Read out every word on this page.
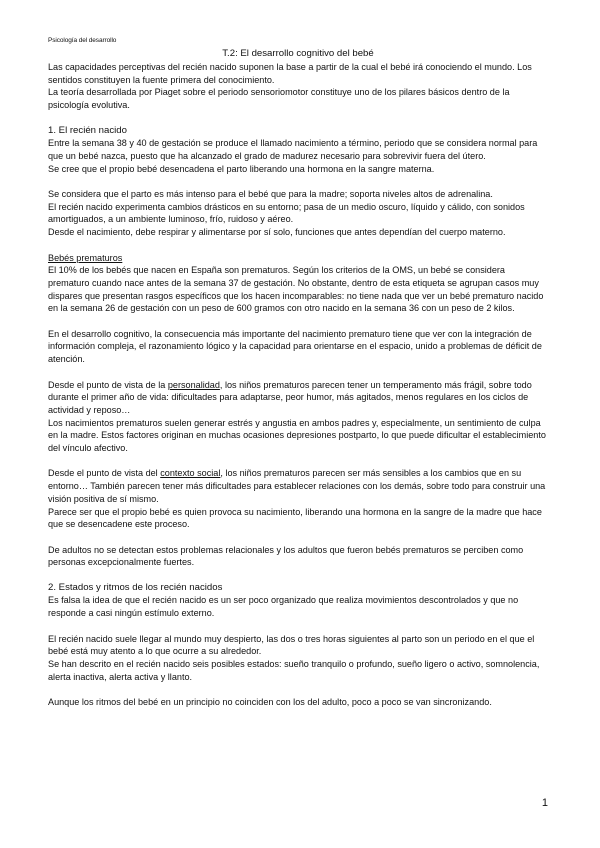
Psicología del desarrollo
T.2: El desarrollo cognitivo del bebé

Las capacidades perceptivas del recién nacido suponen la base a partir de la cual el bebé irá conociendo el mundo. Los sentidos constituyen la fuente primera del conocimiento.

La teoría desarrollada por Piaget sobre el periodo sensoriomotor constituye uno de los pilares básicos dentro de la psicología evolutiva.

1. El recién nacido

Entre la semana 38 y 40 de gestación se produce el llamado nacimiento a término, periodo que se considera normal para que un bebé nazca, puesto que ha alcanzado el grado de madurez necesario para sobrevivir fuera del útero.

Se cree que el propio bebé desencadena el parto liberando una hormona en la sangre materna.

Se considera que el parto es más intenso para el bebé que para la madre; soporta niveles altos de adrenalina.

El recién nacido experimenta cambios drásticos en su entorno; pasa de un medio oscuro, líquido y cálido, con sonidos amortiguados, a un ambiente luminoso, frío, ruidoso y aéreo.

Desde el nacimiento, debe respirar y alimentarse por sí solo, funciones que antes dependían del cuerpo materno.

Bebés prematuros

El 10% de los bebés que nacen en España son prematuros. Según los criterios de la OMS, un bebé se considera prematuro cuando nace antes de la semana 37 de gestación. No obstante, dentro de esta etiqueta se agrupan casos muy dispares que presentan rasgos específicos que los hacen incomparables: no tiene nada que ver un bebé prematuro nacido en la semana 26 de gestación con un peso de 600 gramos con otro nacido en la semana 36 con un peso de 2 kilos.

En el desarrollo cognitivo, la consecuencia más importante del nacimiento prematuro tiene que ver con la integración de información compleja, el razonamiento lógico y la capacidad para orientarse en el espacio, unido a problemas de déficit de atención.

Desde el punto de vista de la personalidad, los niños prematuros parecen tener un temperamento más frágil, sobre todo durante el primer año de vida: dificultades para adaptarse, peor humor, más agitados, menos regulares en los ciclos de actividad y reposo…

Los nacimientos prematuros suelen generar estrés y angustia en ambos padres y, especialmente, un sentimiento de culpa en la madre. Estos factores originan en muchas ocasiones depresiones postparto, lo que puede dificultar el establecimiento del vínculo afectivo.

Desde el punto de vista del contexto social, los niños prematuros parecen ser más sensibles a los cambios que en su entorno… También parecen tener más dificultades para establecer relaciones con los demás, sobre todo para construir una visión positiva de sí mismo.

Parece ser que el propio bebé es quien provoca su nacimiento, liberando una hormona en la sangre de la madre que hace que se desencadene este proceso.

De adultos no se detectan estos problemas relacionales y los adultos que fueron bebés prematuros se perciben como personas excepcionalmente fuertes.

2. Estados y ritmos de los recién nacidos

Es falsa la idea de que el recién nacido es un ser poco organizado que realiza movimientos descontrolados y que no responde a casi ningún estímulo externo.

El recién nacido suele llegar al mundo muy despierto, las dos o tres horas siguientes al parto son un periodo en el que el bebé está muy atento a lo que ocurre a su alrededor.

Se han descrito en el recién nacido seis posibles estados: sueño tranquilo o profundo, sueño ligero o activo, somnolencia, alerta inactiva, alerta activa y llanto.

Aunque los ritmos del bebé en un principio no coinciden con los del adulto, poco a poco se van sincronizando.

1
